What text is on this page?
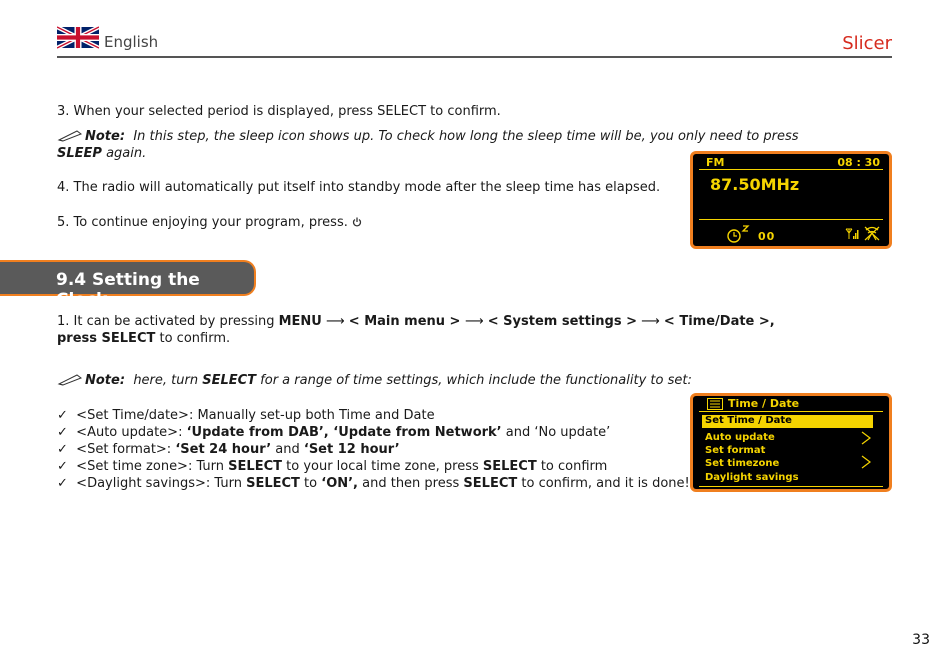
English	Slicer
3. When your selected period is displayed, press SELECT to confirm.
Note: In this step, the sleep icon shows up. To check how long the sleep time will be, you only need to press
SLEEP again.
4. The radio will automatically put itself into standby mode after the sleep time has elapsed.
5. To continue enjoying your program, press.
FM	08 : 30
87.50MHz
00
9.4 Setting the Clock
1. It can be activated by pressing MENU ⟶ < Main menu > ⟶ < System settings > ⟶ < Time/Date >,
press SELECT to confirm.
Note: here, turn SELECT for a range of time settings, which include the functionality to set:
✓ <Set Time/date>: Manually set-up both Time and Date
✓ <Auto update>: ‘Update from DAB’, ‘Update from Network’ and ‘No update’
✓ <Set format>: ‘Set 24 hour’ and ‘Set 12 hour’
✓ <Set time zone>: Turn SELECT to your local time zone, press SELECT to confirm
✓ <Daylight savings>: Turn SELECT to ‘ON’, and then press SELECT to confirm, and it is done!
Time / Date
Set Time / Date
Auto update
Set format
Set timezone
Daylight savings
33
